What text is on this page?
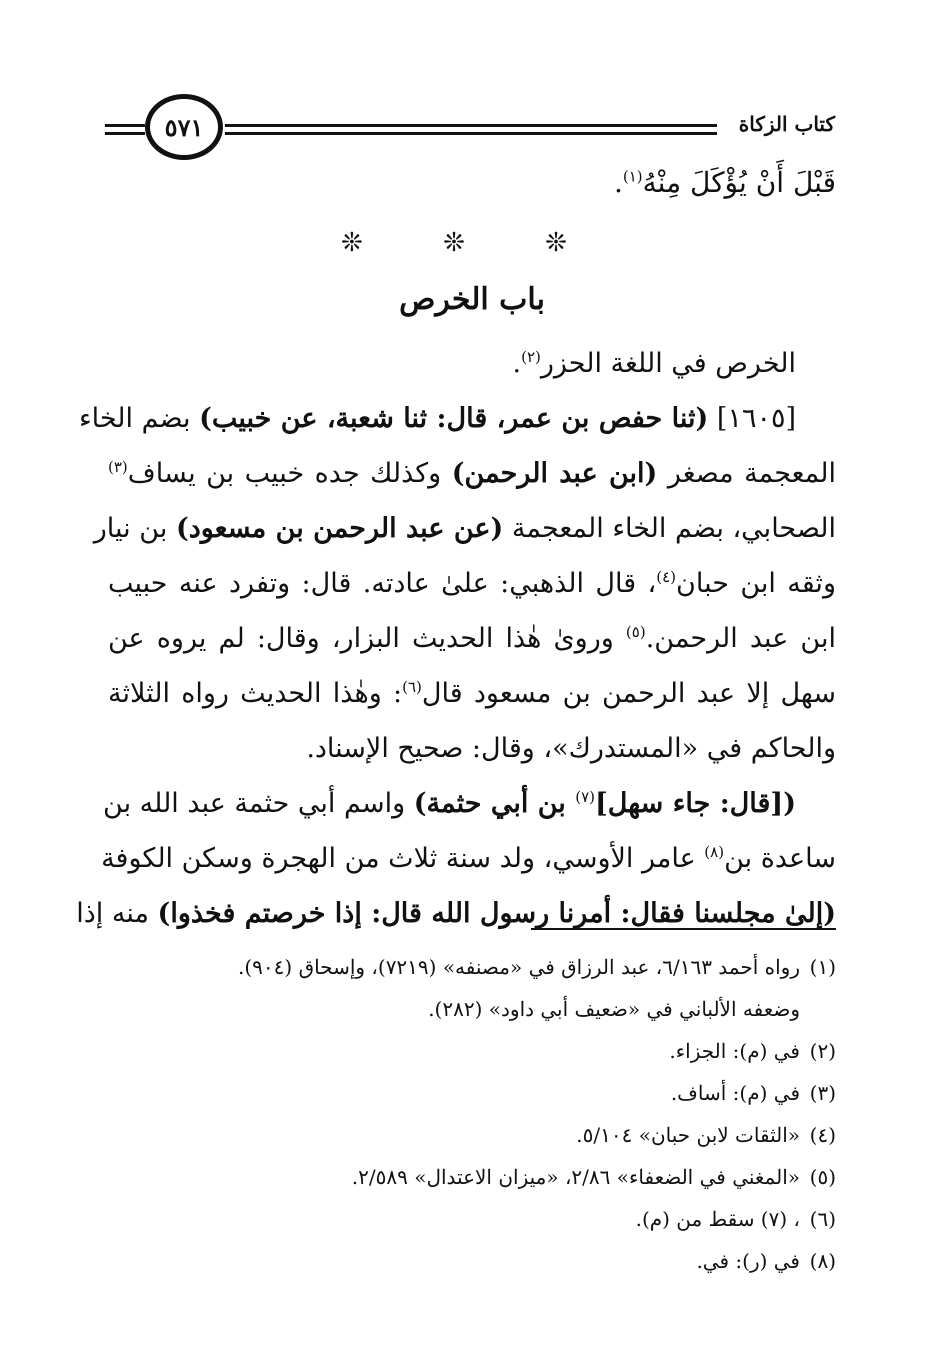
كتاب الزكاة
٥٧١
قَبْلَ أَنْ يُؤْكَلَ مِنْهُ$^{(١)}$.
❊ ❊ ❊
باب الخرص
الخرص في اللغة الحزر$^{(٢)}$.
[١٦٠٥] (ثنا حفص بن عمر، قال: ثنا شعبة، عن خبيب) بضم الخاء
المعجمة مصغر (ابن عبد الرحمن) وكذلك جده خبيب بن يساف$^{(٣)}$
الصحابي، بضم الخاء المعجمة (عن عبد الرحمن بن مسعود) بن نيار
وثقه ابن حبان$^{(٤)}$، قال الذهبي: علىٰ عادته. قال: وتفرد عنه حبيب
ابن عبد الرحمن.$^{(٥)}$ ورویٰ هٰذا الحديث البزار، وقال: لم يروه عن
سهل إلا عبد الرحمن بن مسعود قال$^{(٦)}$: وهٰذا الحديث رواه الثلاثة
والحاكم في «المستدرك»، وقال: صحيح الإسناد.
([قال: جاء سهل]$^{(٧)}$ بن أبي حثمة) واسم أبي حثمة عبد الله بن
ساعدة بن$^{(٨)}$ عامر الأوسي، ولد سنة ثلاث من الهجرة وسكن الكوفة
(إلىٰ مجلسنا فقال: أمرنا رسول الله قال: إذا خرصتم فخذوا) منه إذا
(١)رواه أحمد ٦/١٦٣، عبد الرزاق في «مصنفه» (٧٢١٩)، وإسحاق (٩٠٤).
وضعفه الألباني في «ضعيف أبي داود» (٢٨٢).
(٢)في (م): الجزاء.
(٣)في (م): أساف.
(٤)«الثقات لابن حبان» ٥/١٠٤.
(٥)«المغني في الضعفاء» ٢/٨٦، «ميزان الاعتدال» ٢/٥٨٩.
(٦)، (٧) سقط من (م).
(٨)في (ر): في.
